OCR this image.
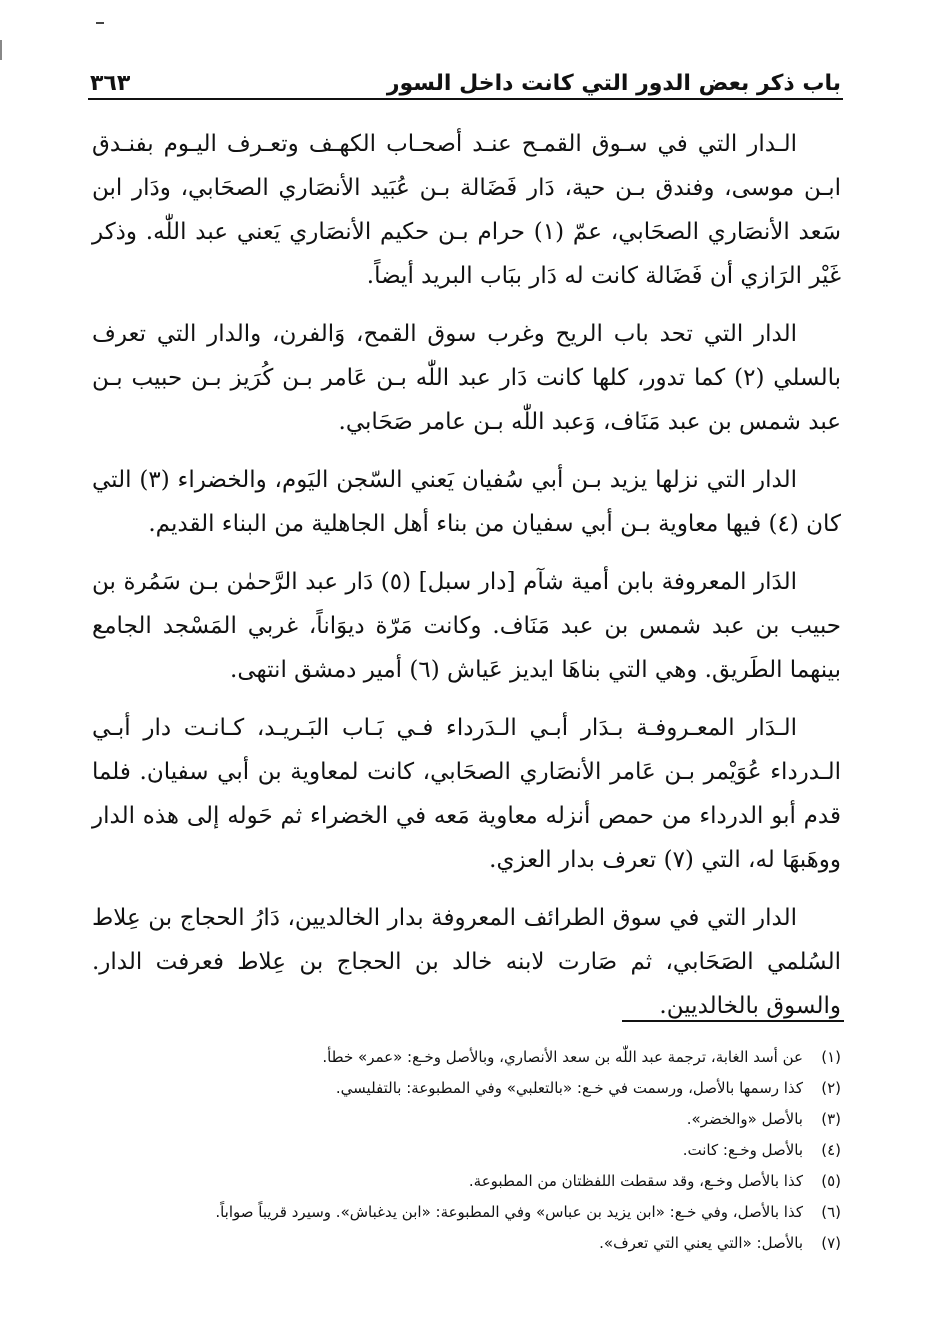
باب ذكر بعض الدور التي كانت داخل السور
٣٦٣

الـدار التي في سـوق القمـح عنـد أصحـاب الكهـف وتعـرف اليـوم بفنـدق ابـن موسى، وفندق بـن حية، دَار فَضَالة بـن عُبَيد الأنصَاري الصحَابي، ودَار ابن سَعد الأنصَاري الصحَابي، عمّ (١) حرام بـن حكيم الأنصَاري يَعني عبد اللّٰه. وذكر غَيْر الرَازي أن فَضَالة كانت له دَار ببَاب البريد أيضاً.

الدار التي تحد باب الريح وغرب سوق القمح، وَالفرن، والدار التي تعرف بالسلي (٢) كما تدور، كلها كانت دَار عبد اللّٰه بـن عَامر بـن كُرَيز بـن حبيب بـن عبد شمس بن عبد مَنَاف، وَعبد اللّٰه بـن عامر صَحَابي.

الدار التي نزلها يزيد بـن أبي سُفيان يَعني السّجن اليَوم، والخضراء (٣) التي كان (٤) فيها معاوية بـن أبي سفيان من بناء أهل الجاهلية من البناء القديم.

الدَار المعروفة بابن أمية شآم [دار سبل] (٥) دَار عبد الرَّحمٰن بـن سَمُرة بن حبيب بن عبد شمس بن عبد مَنَاف. وكانت مَرّة ديوَاناً، غربي المَسْجد الجامع بينهما الطَريق. وهي التي بناهَا ايديز عَياش (٦) أمير دمشق انتهى.

الـدَار المعـروفـة بـدَار أبـي الـدَرداء فـي بَـاب البَـريـد، كـانـت دار أبـي الـدرداء عُوَيْمر بـن عَامر الأنصَاري الصحَابي، كانت لمعاوية بن أبي سفيان. فلما قدم أبو الدرداء من حمص أنزله معاوية مَعه في الخضراء ثم حَوله إلى هذه الدار ووهَبهَا له، التي (٧) تعرف بدار العزي.

الدار التي في سوق الطرائف المعروفة بدار الخالديين، دَارُ الحجاج بن عِلاط السُلمي الصَحَابي، ثم صَارت لابنه خالد بن الحجاج بن عِلاط فعرفت الدار. والسوق بالخالديين.

(١)
عن أسد الغابة، ترجمة عبد اللّٰه بن سعد الأنصاري، وبالأصل وخـع: «عمر» خطأ.
(٢)
كذا رسمها بالأصل، ورسمت في خـع: «بالتعلبي» وفي المطبوعة: بالتفليسي.
(٣)
بالأصل «والخضر».
(٤)
بالأصل وخـع: كانت.
(٥)
كذا بالأصل وخـع، وقد سقطت اللفظتان من المطبوعة.
(٦)
كذا بالأصل، وفي خـع: «ابن يزيد بن عباس» وفي المطبوعة: «ابن يدغباش». وسيرد قريباً صواباً.
(٧)
بالأصل: «التي يعني التي تعرف».
